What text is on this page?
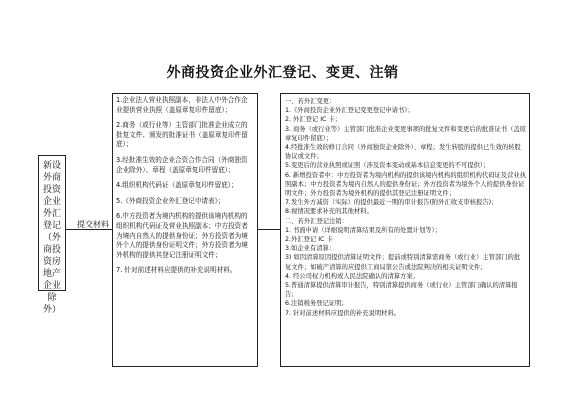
外商投资企业外汇登记、变更、注销
新设外商投资企业外汇登记（外商投资房地产企业除外）
提交材料

1.企业法人营业执照副本，非法人中外合作企业提供营业执照（盖原章复印件留底）；

2.商务（或行业等）主管部门批准企业成立的批复文件、颁发的批准证书（盖原章复印件留底）；

3.经批准生效的企业合资合作合同（外商独资企业除外）、章程（盖原章复印件留底）；

4.组织机构代码证（盖原章复印件留底）；

5.《外商投资企业外汇登记申请表》；

6.中方投资者为境内机构的提供该境内机构的组织机构代码证及营业执照副本；中方投资者为境内自然人的提供身份证；外方投资者为境外个人的提供身份证明文件；外方投资者为境外机构的提供其登记注册证明文件；

7. 针对前述材料应提供的补充说明材料。

一、若外汇变更：

1.《外商投资企业外汇登记变更登记申请书》；

2. 外汇登记 IC 卡；

3. 商务（或行业等）主管部门批准企业变更事项的批复文件和变更后的批准证书（盖原章复印件留底）；

4.经批准生效的修订合同（外商独资企业除外）、章程；发生转股的提供已生效的转股协议或文件；

5.变更后的营业执照或证照（涉及资本变动或基本信息变更的不可提供）；

6. 新增投资者中：中方投资者为境内机构的提供该境内机构的组织机构代码证及营业执照副本；中方投资者为境内自然人的提供身份证；外方投资者为境外个人的提供身份证明文件；外方投资者为境外机构的提供其登记注册证明文件；

7.发生外方减资（实际）的提供最近一期的审计报告(附外汇收支审核报告)；

8.视情况要求补充的其他材料。

二、若外汇登记注销：

1. 书面申请（详细说明清算结果及所有的处置计划等）；

2.外汇登记 IC 卡

3.如企业有清算：

3) 如因清算原因提供清算证明文件；提前或特别清算需商务（或行业）主管部门的批复文件；如破产清算的应提供工商局第公告或法院判决的相关证明文件；

4. 经公司权力机构或人民法院确认的清算方案；

5.普通清算提供清算审计报告，特别清算提供商务（或行业）主管部门确认的清算报告；

6.注销税务登记证明；

7. 针对前述材料应提供的补充说明材料。
